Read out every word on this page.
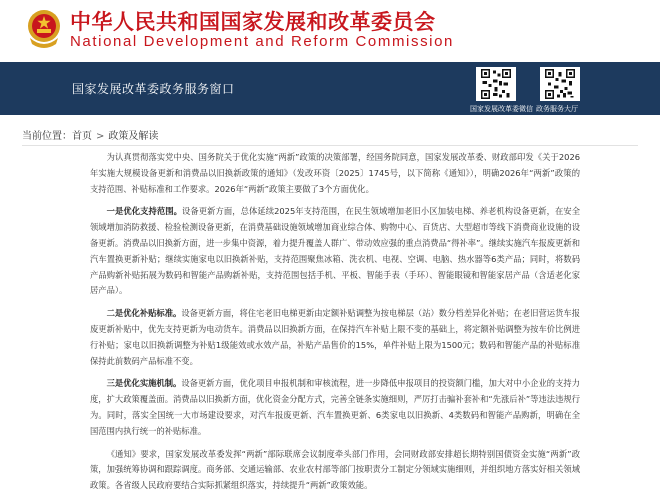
中华人民共和国国家发展和改革委员会
National Development and Reform Commission
国家发展改革委政务服务窗口
国家发展改革委微信 政务服务大厅
当前位置：首页 > 政策及解读

为认真贯彻落实党中央、国务院关于优化实施“两新”政策的决策部署，经国务院同意，国家发展改革委、财政部印发《关于2026年实施大规模设备更新和消费品以旧换新政策的通知》（发改环资〔2025〕1745号，以下简称《通知》），明确2026年“两新”政策的支持范围、补贴标准和工作要求。2026年“两新”政策主要做了3个方面优化。

一是优化支持范围。设备更新方面，总体延续2025年支持范围，在民生领域增加老旧小区加装电梯、养老机构设备更新，在安全领域增加消防救援、检验检测设备更新，在消费基础设施领域增加商业综合体、购物中心、百货店、大型超市等线下消费商业设施的设备更新。消费品以旧换新方面，进一步集中资源，着力提升覆盖人群广、带动效应强的重点消费品“得补率”。继续实施汽车报废更新和汽车置换更新补贴；继续实施家电以旧换新补贴，支持范围聚焦冰箱、洗衣机、电视、空调、电脑、热水器等6类产品；同时，将数码产品购新补贴拓展为数码和智能产品购新补贴，支持范围包括手机、平板、智能手表（手环）、智能眼镜和智能家居产品（含适老化家居产品）。

二是优化补贴标准。设备更新方面，将住宅老旧电梯更新由定额补贴调整为按电梯层（站）数分档差异化补贴；在老旧营运货车报废更新补贴中，优先支持更新为电动货车。消费品以旧换新方面，在保持汽车补贴上限不变的基础上，将定额补贴调整为按车价比例进行补贴；家电以旧换新调整为补贴1级能效或水效产品，补贴产品售价的15%，单件补贴上限为1500元；数码和智能产品的补贴标准保持此前数码产品标准不变。

三是优化实施机制。设备更新方面，优化项目申报机制和审核流程，进一步降低申报项目的投资额门槛，加大对中小企业的支持力度，扩大政策覆盖面。消费品以旧换新方面，优化资金分配方式，完善全链条实施细则，严厉打击骗补套补和“先涨后补”等违法违规行为。同时，落实全国统一大市场建设要求，对汽车报废更新、汽车置换更新、6类家电以旧换新、4类数码和智能产品购新，明确在全国范围内执行统一的补贴标准。

《通知》要求，国家发展改革委发挥“两新”部际联席会议制度牵头部门作用，会同财政部安排超长期特别国债资金实施“两新”政策，加强统筹协调和跟踪调度。商务部、交通运输部、农业农村部等部门按职责分工制定分领域实施细则，并组织地方落实好相关领域政策。各省级人民政府要结合实际抓紧组织落实，持续提升“两新”政策效能。
